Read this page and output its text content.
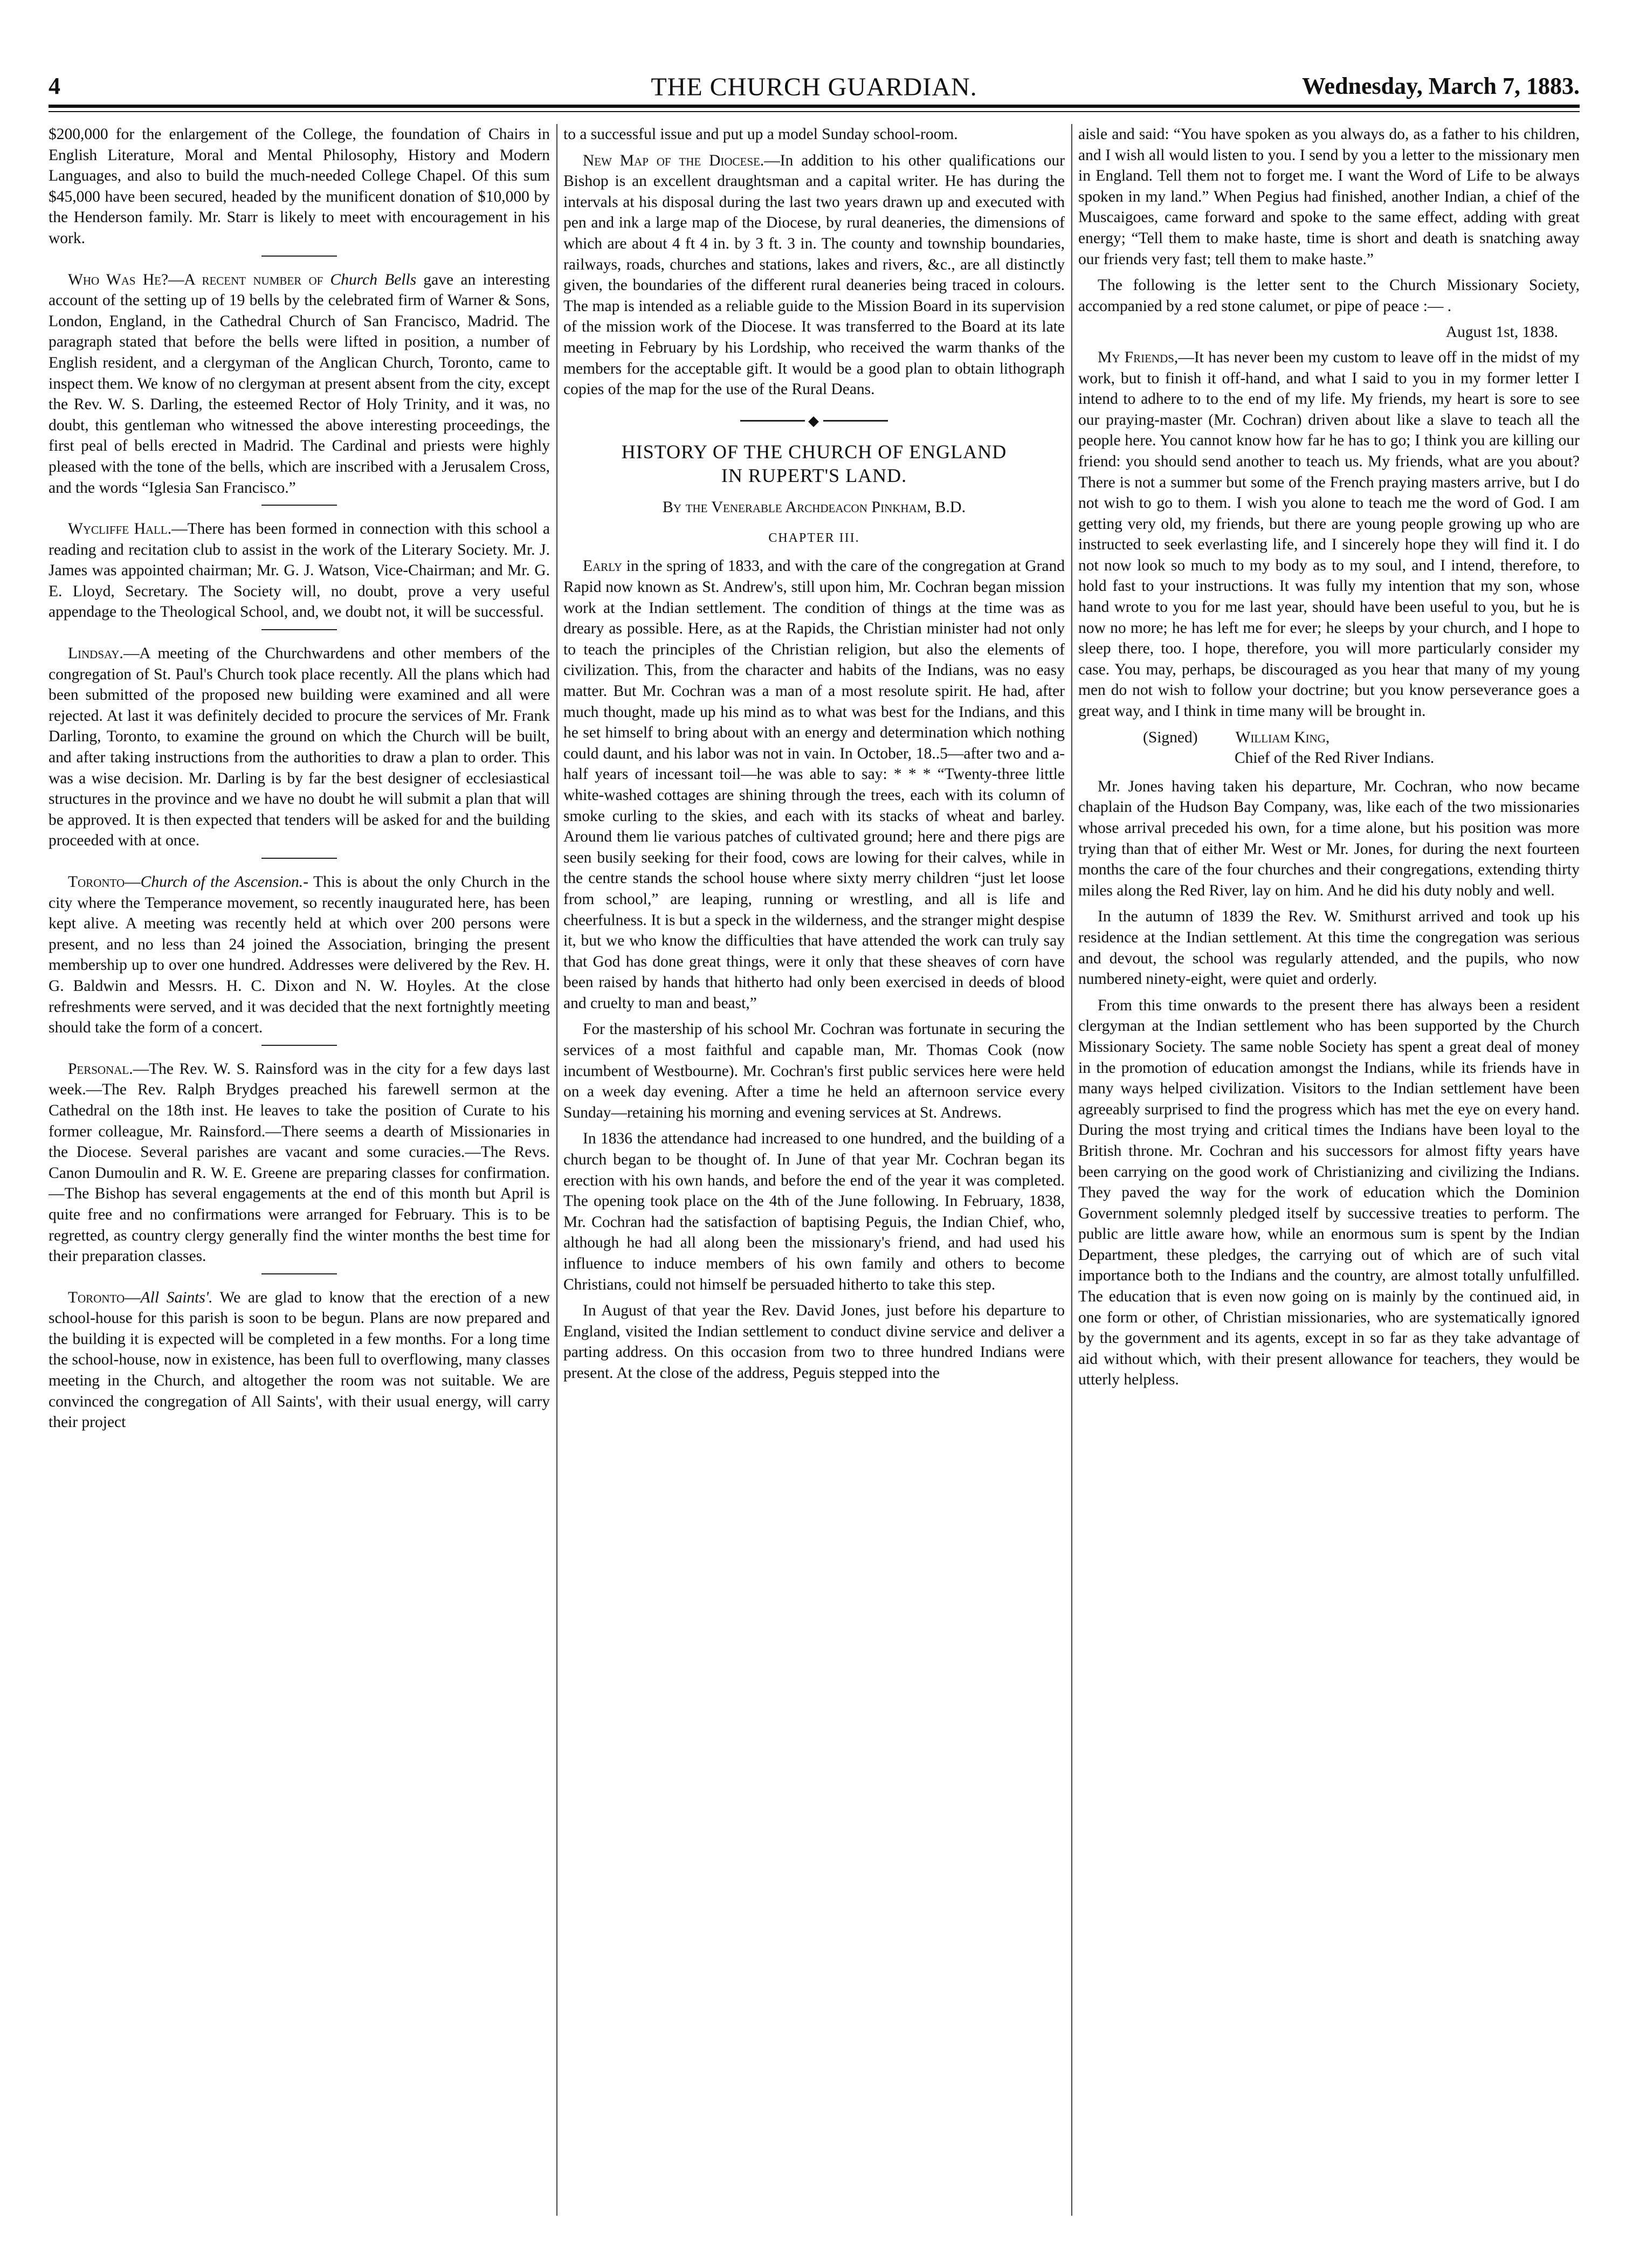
4	THE CHURCH GUARDIAN.	Wednesday, March 7, 1883.

$200,000 for the enlargement of the College, the foundation of Chairs in English Literature, Moral and Mental Philosophy, History and Modern Languages, and also to build the much-needed College Chapel. Of this sum $45,000 have been secured, headed by the munificent donation of $10,000 by the Henderson family. Mr. Starr is likely to meet with encouragement in his work.

Who Was He?—A recent number of Church Bells gave an interesting account of the setting up of 19 bells by the celebrated firm of Warner & Sons, London, England, in the Cathedral Church of San Francisco, Madrid. The paragraph stated that before the bells were lifted in position, a number of English resident, and a clergyman of the Anglican Church, Toronto, came to inspect them. We know of no clergyman at present absent from the city, except the Rev. W. S. Darling, the esteemed Rector of Holy Trinity, and it was, no doubt, this gentleman who witnessed the above interesting proceedings, the first peal of bells erected in Madrid. The Cardinal and priests were highly pleased with the tone of the bells, which are inscribed with a Jerusalem Cross, and the words “Iglesia San Francisco.”

Wycliffe Hall.—There has been formed in connection with this school a reading and recitation club to assist in the work of the Literary Society. Mr. J. James was appointed chairman; Mr. G. J. Watson, Vice-Chairman; and Mr. G. E. Lloyd, Secretary. The Society will, no doubt, prove a very useful appendage to the Theological School, and, we doubt not, it will be successful.

Lindsay.—A meeting of the Churchwardens and other members of the congregation of St. Paul's Church took place recently. All the plans which had been submitted of the proposed new building were examined and all were rejected. At last it was definitely decided to procure the services of Mr. Frank Darling, Toronto, to examine the ground on which the Church will be built, and after taking instructions from the authorities to draw a plan to order. This was a wise decision. Mr. Darling is by far the best designer of ecclesiastical structures in the province and we have no doubt he will submit a plan that will be approved. It is then expected that tenders will be asked for and the building proceeded with at once.

Toronto—Church of the Ascension.- This is about the only Church in the city where the Temperance movement, so recently inaugurated here, has been kept alive. A meeting was recently held at which over 200 persons were present, and no less than 24 joined the Association, bringing the present membership up to over one hundred. Addresses were delivered by the Rev. H. G. Baldwin and Messrs. H. C. Dixon and N. W. Hoyles. At the close refreshments were served, and it was decided that the next fortnightly meeting should take the form of a concert.

Personal.—The Rev. W. S. Rainsford was in the city for a few days last week.—The Rev. Ralph Brydges preached his farewell sermon at the Cathedral on the 18th inst. He leaves to take the position of Curate to his former colleague, Mr. Rainsford.—There seems a dearth of Missionaries in the Diocese. Several parishes are vacant and some curacies.—The Revs. Canon Dumoulin and R. W. E. Greene are preparing classes for confirmation.—The Bishop has several engagements at the end of this month but April is quite free and no confirmations were arranged for February. This is to be regretted, as country clergy generally find the winter months the best time for their preparation classes.

Toronto—All Saints'. We are glad to know that the erection of a new school-house for this parish is soon to be begun. Plans are now prepared and the building it is expected will be completed in a few months. For a long time the school-house, now in existence, has been full to overflowing, many classes meeting in the Church, and altogether the room was not suitable. We are convinced the congregation of All Saints', with their usual energy, will carry their project

to a successful issue and put up a model Sunday school-room.

New Map of the Diocese.—In addition to his other qualifications our Bishop is an excellent draughtsman and a capital writer. He has during the intervals at his disposal during the last two years drawn up and executed with pen and ink a large map of the Diocese, by rural deaneries, the dimensions of which are about 4 ft 4 in. by 3 ft. 3 in. The county and township boundaries, railways, roads, churches and stations, lakes and rivers, &c., are all distinctly given, the boundaries of the different rural deaneries being traced in colours. The map is intended as a reliable guide to the Mission Board in its supervision of the mission work of the Diocese. It was transferred to the Board at its late meeting in February by his Lordship, who received the warm thanks of the members for the acceptable gift. It would be a good plan to obtain lithograph copies of the map for the use of the Rural Deans.

◆
HISTORY OF THE CHURCH OF ENGLAND
IN RUPERT'S LAND.
By the Venerable Archdeacon Pinkham, B.D.
CHAPTER III.

Early in the spring of 1833, and with the care of the congregation at Grand Rapid now known as St. Andrew's, still upon him, Mr. Cochran began mission work at the Indian settlement. The condition of things at the time was as dreary as possible. Here, as at the Rapids, the Christian minister had not only to teach the principles of the Christian religion, but also the elements of civilization. This, from the character and habits of the Indians, was no easy matter. But Mr. Cochran was a man of a most resolute spirit. He had, after much thought, made up his mind as to what was best for the Indians, and this he set himself to bring about with an energy and determination which nothing could daunt, and his labor was not in vain. In October, 18..5—after two and a-half years of incessant toil—he was able to say: * * * “Twenty-three little white-washed cottages are shining through the trees, each with its column of smoke curling to the skies, and each with its stacks of wheat and barley. Around them lie various patches of cultivated ground; here and there pigs are seen busily seeking for their food, cows are lowing for their calves, while in the centre stands the school house where sixty merry children “just let loose from school,” are leaping, running or wrestling, and all is life and cheerfulness. It is but a speck in the wilderness, and the stranger might despise it, but we who know the difficulties that have attended the work can truly say that God has done great things, were it only that these sheaves of corn have been raised by hands that hitherto had only been exercised in deeds of blood and cruelty to man and beast,”

For the mastership of his school Mr. Cochran was fortunate in securing the services of a most faithful and capable man, Mr. Thomas Cook (now incumbent of Westbourne). Mr. Cochran's first public services here were held on a week day evening. After a time he held an afternoon service every Sunday—retaining his morning and evening services at St. Andrews.

In 1836 the attendance had increased to one hundred, and the building of a church began to be thought of. In June of that year Mr. Cochran began its erection with his own hands, and before the end of the year it was completed. The opening took place on the 4th of the June following. In February, 1838, Mr. Cochran had the satisfaction of baptising Peguis, the Indian Chief, who, although he had all along been the missionary's friend, and had used his influence to induce members of his own family and others to become Christians, could not himself be persuaded hitherto to take this step.

In August of that year the Rev. David Jones, just before his departure to England, visited the Indian settlement to conduct divine service and deliver a parting address. On this occasion from two to three hundred Indians were present. At the close of the address, Peguis stepped into the

aisle and said: “You have spoken as you always do, as a father to his children, and I wish all would listen to you. I send by you a letter to the missionary men in England. Tell them not to forget me. I want the Word of Life to be always spoken in my land.” When Pegius had finished, another Indian, a chief of the Muscaigoes, came forward and spoke to the same effect, adding with great energy; “Tell them to make haste, time is short and death is snatching away our friends very fast; tell them to make haste.”

The following is the letter sent to the Church Missionary Society, accompanied by a red stone calumet, or pipe of peace :— .

August 1st, 1838.

My Friends,—It has never been my custom to leave off in the midst of my work, but to finish it off-hand, and what I said to you in my former letter I intend to adhere to to the end of my life. My friends, my heart is sore to see our praying-master (Mr. Cochran) driven about like a slave to teach all the people here. You cannot know how far he has to go; I think you are killing our friend: you should send another to teach us. My friends, what are you about? There is not a summer but some of the French praying masters arrive, but I do not wish to go to them. I wish you alone to teach me the word of God. I am getting very old, my friends, but there are young people growing up who are instructed to seek everlasting life, and I sincerely hope they will find it. I do not now look so much to my body as to my soul, and I intend, therefore, to hold fast to your instructions. It was fully my intention that my son, whose hand wrote to you for me last year, should have been useful to you, but he is now no more; he has left me for ever; he sleeps by your church, and I hope to sleep there, too. I hope, therefore, you will more particularly consider my case. You may, perhaps, be discouraged as you hear that many of my young men do not wish to follow your doctrine; but you know perseverance goes a great way, and I think in time many will be brought in.

(Signed) William King,
Chief of the Red River Indians.

Mr. Jones having taken his departure, Mr. Cochran, who now became chaplain of the Hudson Bay Company, was, like each of the two missionaries whose arrival preceded his own, for a time alone, but his position was more trying than that of either Mr. West or Mr. Jones, for during the next fourteen months the care of the four churches and their congregations, extending thirty miles along the Red River, lay on him. And he did his duty nobly and well.

In the autumn of 1839 the Rev. W. Smithurst arrived and took up his residence at the Indian settlement. At this time the congregation was serious and devout, the school was regularly attended, and the pupils, who now numbered ninety-eight, were quiet and orderly.

From this time onwards to the present there has always been a resident clergyman at the Indian settlement who has been supported by the Church Missionary Society. The same noble Society has spent a great deal of money in the promotion of education amongst the Indians, while its friends have in many ways helped civilization. Visitors to the Indian settlement have been agreeably surprised to find the progress which has met the eye on every hand. During the most trying and critical times the Indians have been loyal to the British throne. Mr. Cochran and his successors for almost fifty years have been carrying on the good work of Christianizing and civilizing the Indians. They paved the way for the work of education which the Dominion Government solemnly pledged itself by successive treaties to perform. The public are little aware how, while an enormous sum is spent by the Indian Department, these pledges, the carrying out of which are of such vital importance both to the Indians and the country, are almost totally unfulfilled. The education that is even now going on is mainly by the continued aid, in one form or other, of Christian missionaries, who are systematically ignored by the government and its agents, except in so far as they take advantage of aid without which, with their present allowance for teachers, they would be utterly helpless.
